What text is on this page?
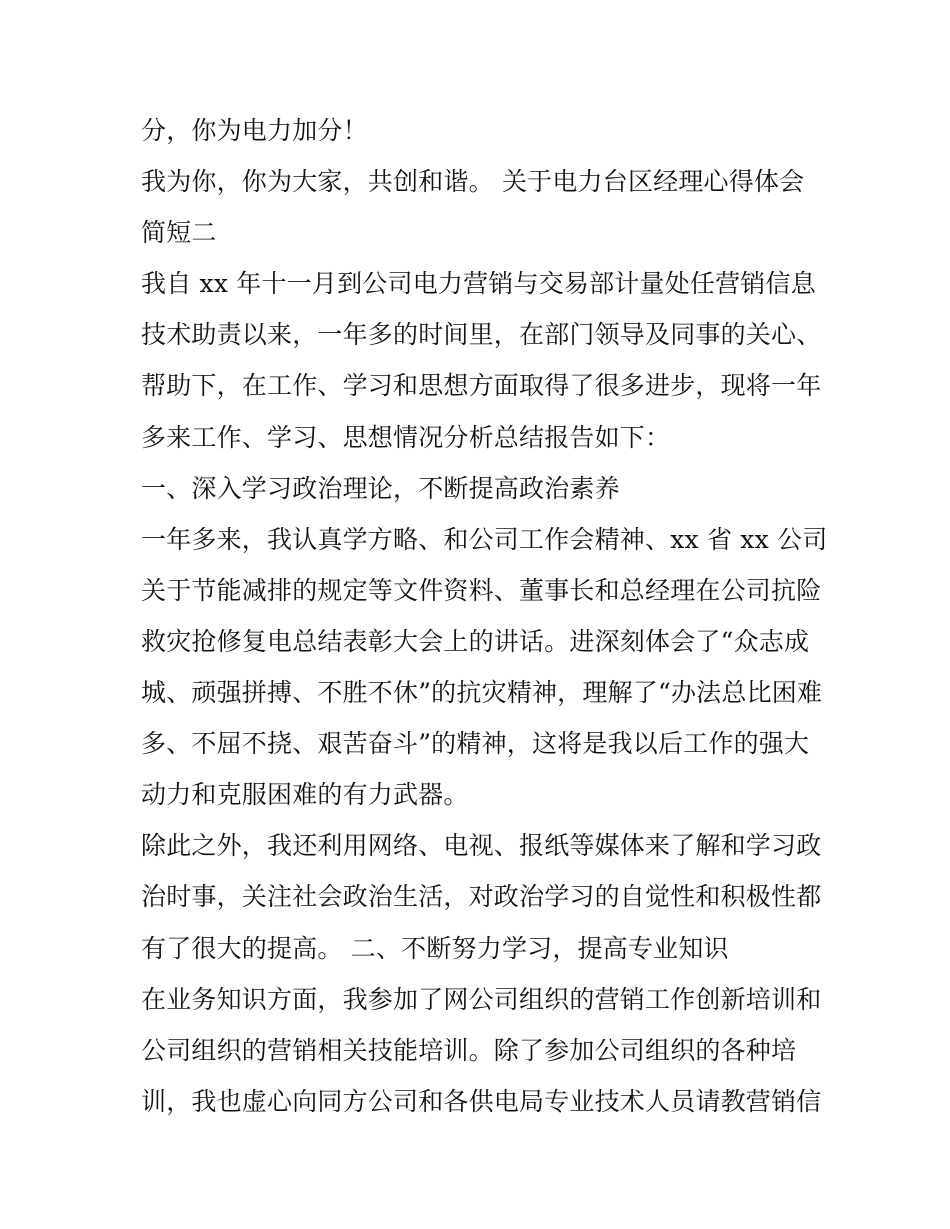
分，你为电力加分！
我为你，你为大家，共创和谐。 关于电力台区经理心得体会
简短二
我自 xx 年十一月到公司电力营销与交易部计量处任营销信息
技术助责以来，一年多的时间里，在部门领导及同事的关心、
帮助下，在工作、学习和思想方面取得了很多进步，现将一年
多来工作、学习、思想情况分析总结报告如下：
一、深入学习政治理论，不断提高政治素养
一年多来，我认真学方略、和公司工作会精神、xx 省 xx 公司
关于节能减排的规定等文件资料、董事长和总经理在公司抗险
救灾抢修复电总结表彰大会上的讲话。进深刻体会了“众志成
城、顽强拼搏、不胜不休”的抗灾精神，理解了“办法总比困难
多、不屈不挠、艰苦奋斗”的精神，这将是我以后工作的强大
动力和克服困难的有力武器。
除此之外，我还利用网络、电视、报纸等媒体来了解和学习政
治时事，关注社会政治生活，对政治学习的自觉性和积极性都
有了很大的提高。 二、不断努力学习，提高专业知识
在业务知识方面，我参加了网公司组织的营销工作创新培训和
公司组织的营销相关技能培训。除了参加公司组织的各种培
训，我也虚心向同方公司和各供电局专业技术人员请教营销信
